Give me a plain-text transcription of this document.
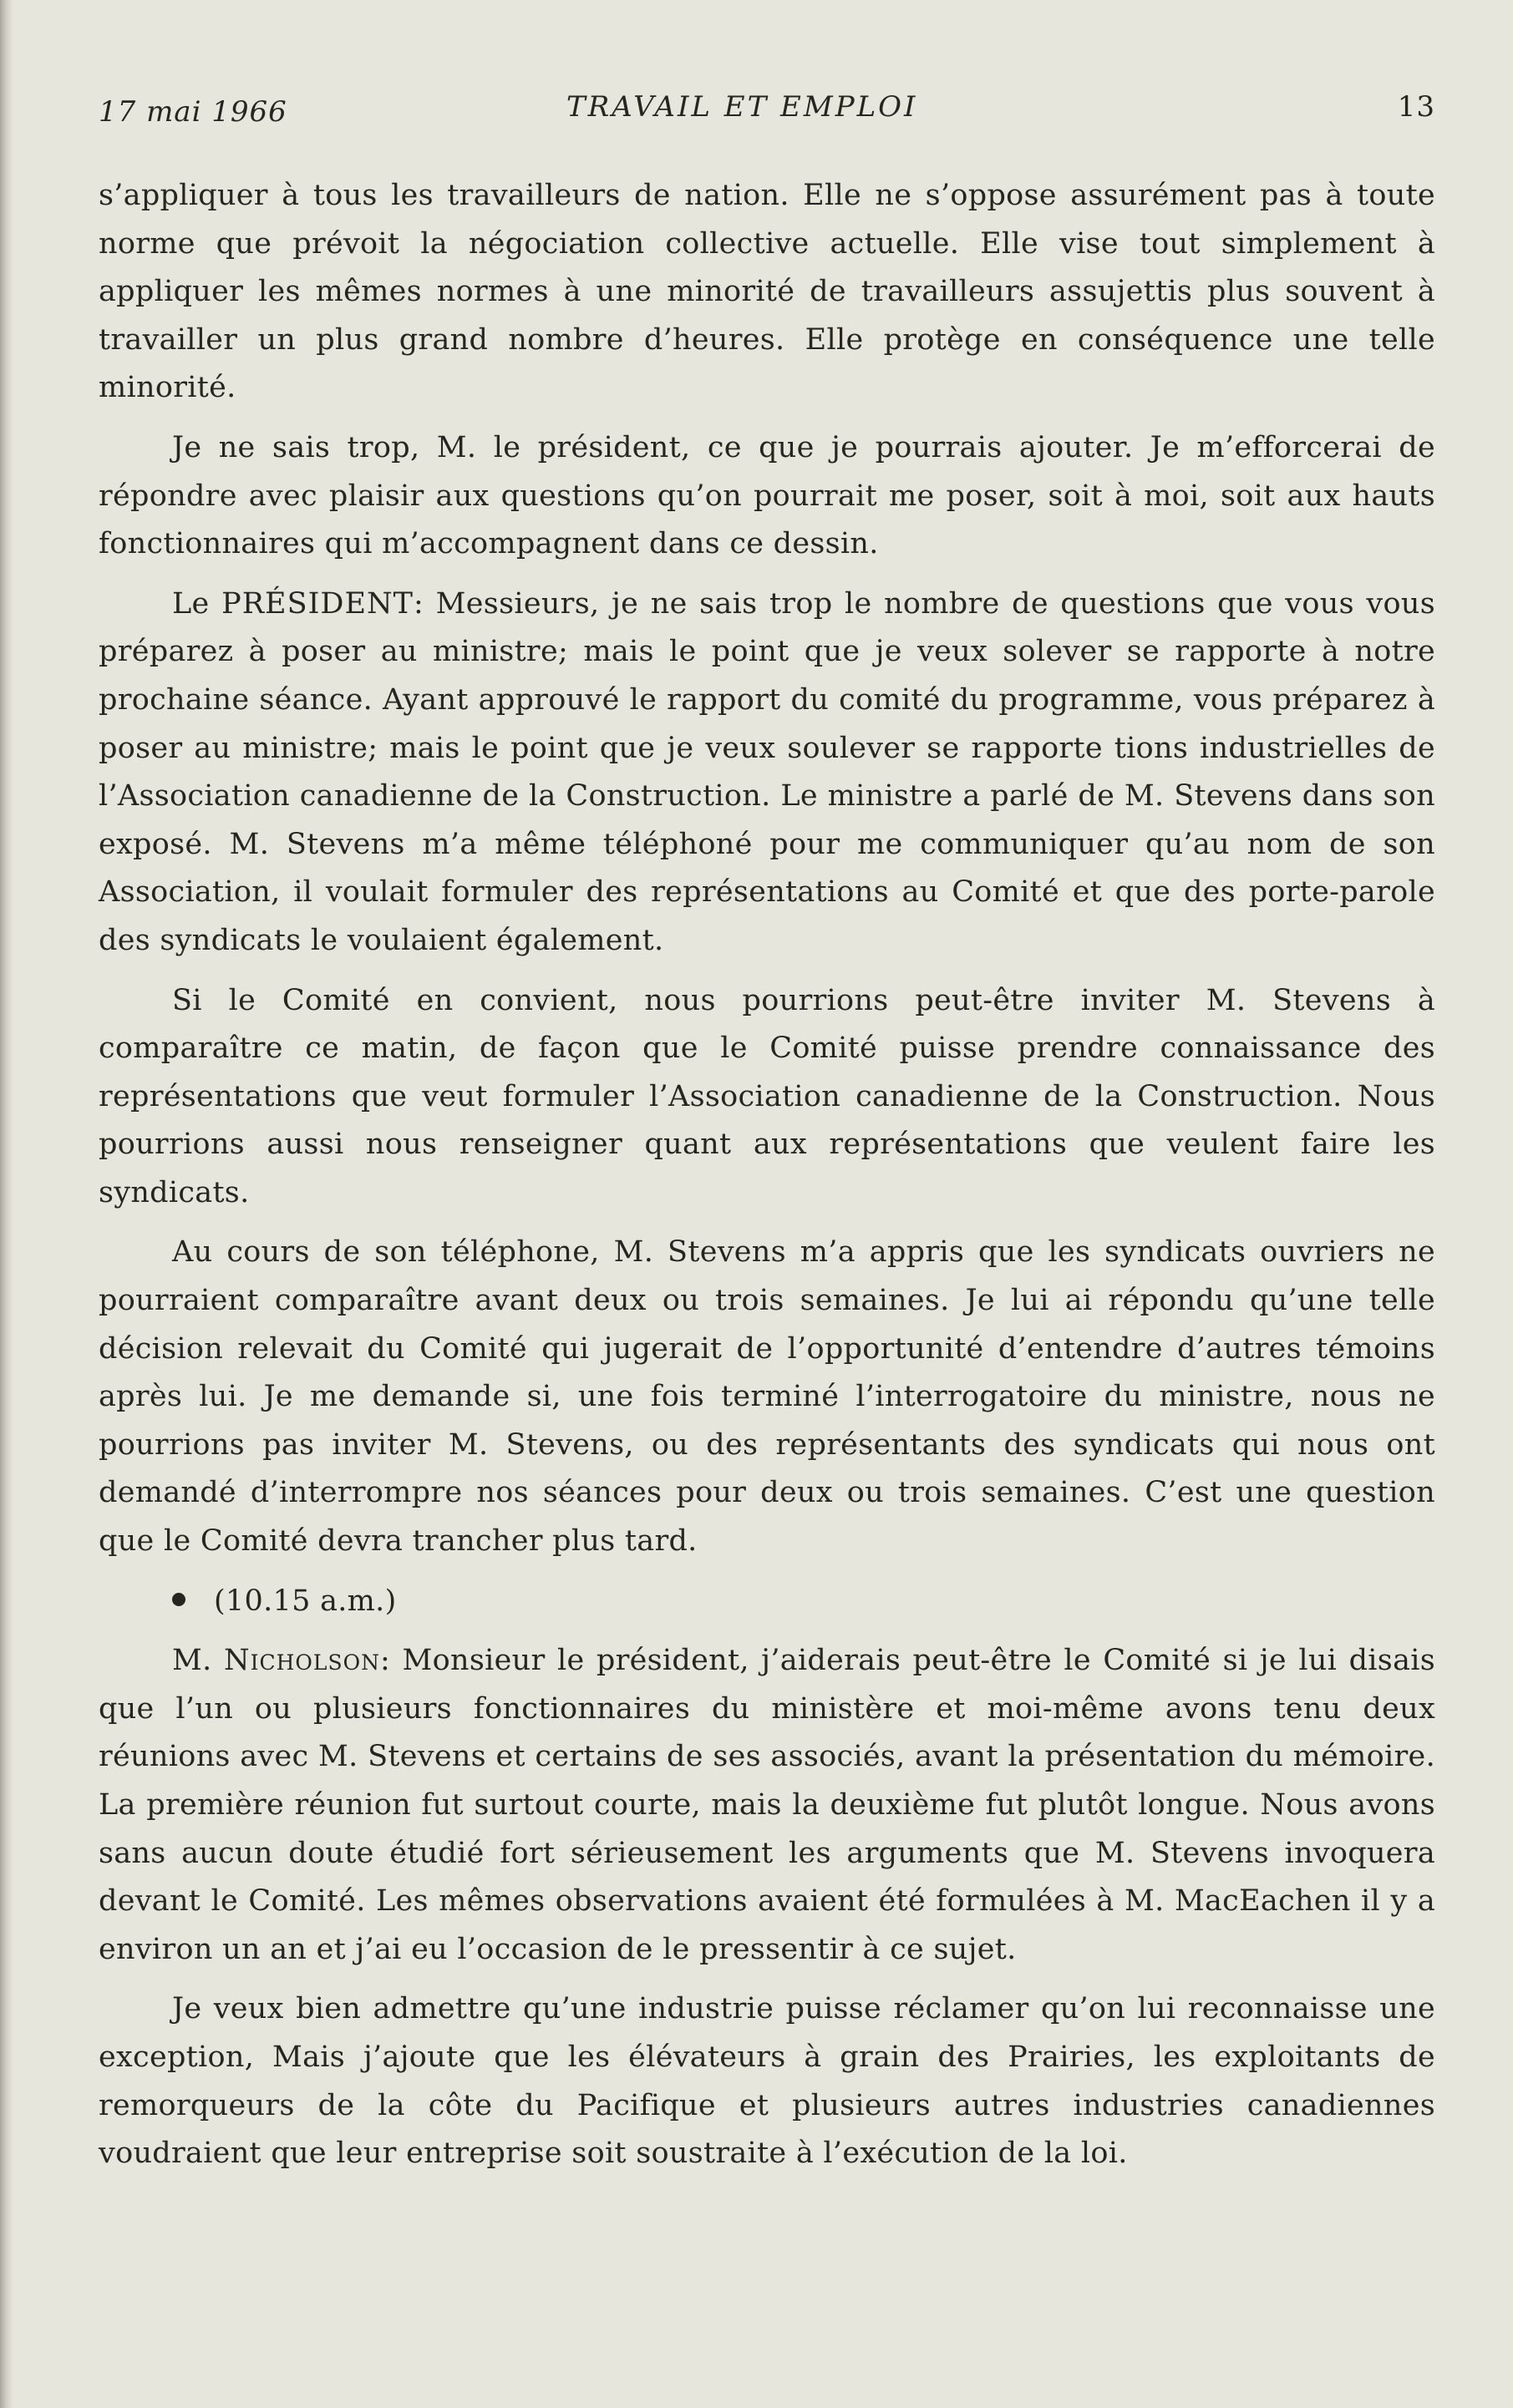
17 mai 1966	TRAVAIL ET EMPLOI	13

s’appliquer à tous les travailleurs de nation. Elle ne s’oppose assurément pas à toute norme que prévoit la négociation collective actuelle. Elle vise tout simplement à appliquer les mêmes normes à une minorité de travailleurs assujettis plus souvent à travailler un plus grand nombre d’heures. Elle protège en conséquence une telle minorité.

Je ne sais trop, M. le président, ce que je pourrais ajouter. Je m’efforcerai de répondre avec plaisir aux questions qu’on pourrait me poser, soit à moi, soit aux hauts fonctionnaires qui m’accompagnent dans ce dessin.

Le PRÉSIDENT: Messieurs, je ne sais trop le nombre de questions que vous vous préparez à poser au ministre; mais le point que je veux solever se rapporte à notre prochaine séance. Ayant approuvé le rapport du comité du programme, vous préparez à poser au ministre; mais le point que je veux soulever se rapporte tions industrielles de l’Association canadienne de la Construction. Le ministre a parlé de M. Stevens dans son exposé. M. Stevens m’a même téléphoné pour me communiquer qu’au nom de son Association, il voulait formuler des représentations au Comité et que des porte-parole des syndicats le voulaient également.

Si le Comité en convient, nous pourrions peut-être inviter M. Stevens à comparaître ce matin, de façon que le Comité puisse prendre connaissance des représentations que veut formuler l’Association canadienne de la Construction. Nous pourrions aussi nous renseigner quant aux représentations que veulent faire les syndicats.

Au cours de son téléphone, M. Stevens m’a appris que les syndicats ouvriers ne pourraient comparaître avant deux ou trois semaines. Je lui ai répondu qu’une telle décision relevait du Comité qui jugerait de l’opportunité d’entendre d’autres témoins après lui. Je me demande si, une fois terminé l’interrogatoire du ministre, nous ne pourrions pas inviter M. Stevens, ou des représentants des syndicats qui nous ont demandé d’interrompre nos séances pour deux ou trois semaines. C’est une question que le Comité devra trancher plus tard.

(10.15 a.m.)

M. Nicholson: Monsieur le président, j’aiderais peut-être le Comité si je lui disais que l’un ou plusieurs fonctionnaires du ministère et moi-même avons tenu deux réunions avec M. Stevens et certains de ses associés, avant la présentation du mémoire. La première réunion fut surtout courte, mais la deuxième fut plutôt longue. Nous avons sans aucun doute étudié fort sérieusement les arguments que M. Stevens invoquera devant le Comité. Les mêmes observations avaient été formulées à M. MacEachen il y a environ un an et j’ai eu l’occasion de le pressentir à ce sujet.

Je veux bien admettre qu’une industrie puisse réclamer qu’on lui reconnaisse une exception, Mais j’ajoute que les élévateurs à grain des Prairies, les exploitants de remorqueurs de la côte du Pacifique et plusieurs autres industries canadiennes voudraient que leur entreprise soit soustraite à l’exécution de la loi.
